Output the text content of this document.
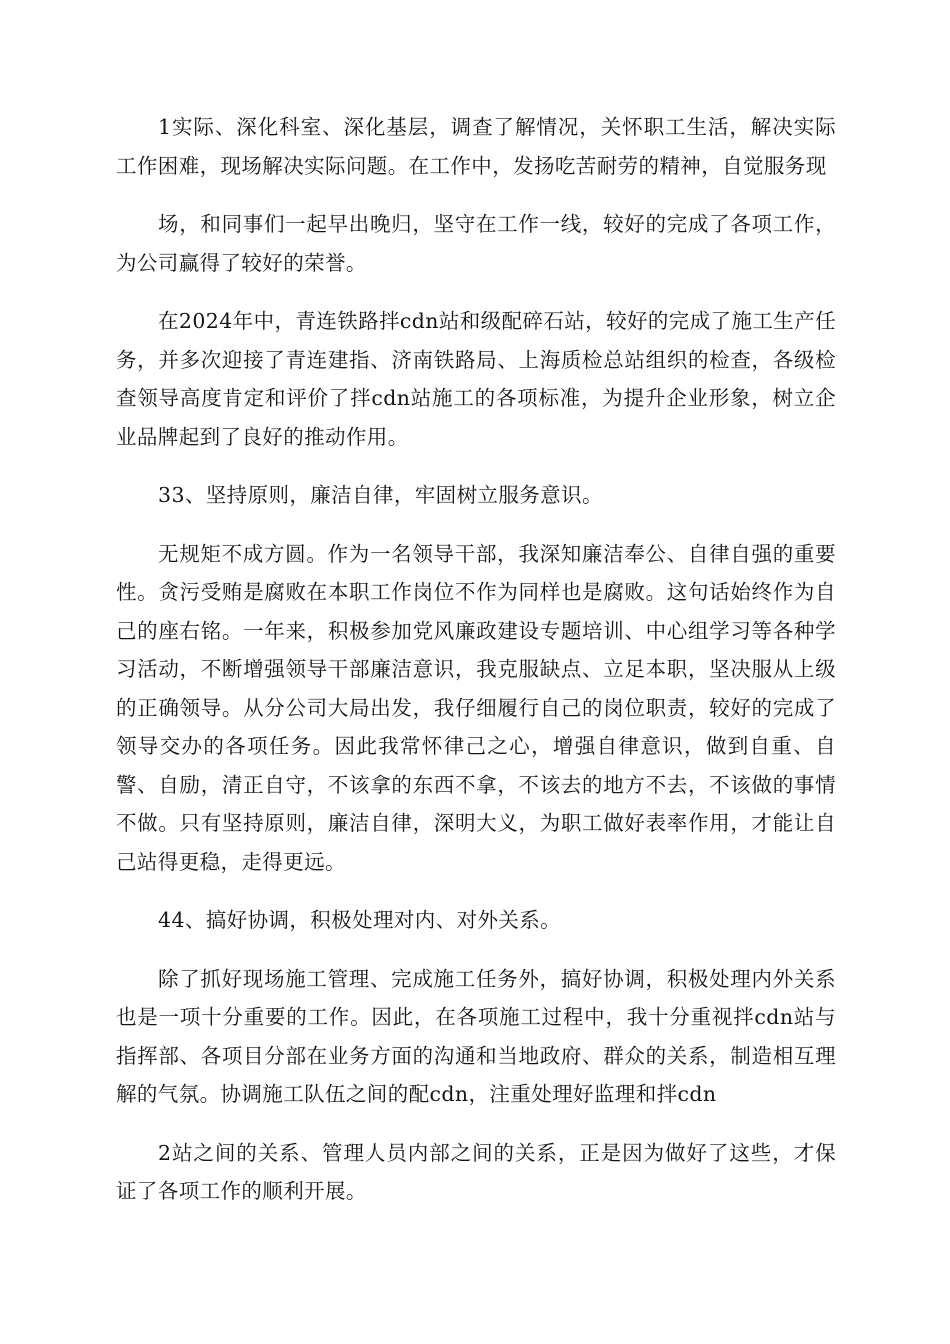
1实际、深化科室、深化基层，调查了解情况，关怀职工生活，解决实际工作困难，现场解决实际问题。在工作中，发扬吃苦耐劳的精神，自觉服务现

场，和同事们一起早出晚归，坚守在工作一线，较好的完成了各项工作，为公司赢得了较好的荣誉。

在2024年中，青连铁路拌cdn站和级配碎石站，较好的完成了施工生产任务，并多次迎接了青连建指、济南铁路局、上海质检总站组织的检查，各级检查领导高度肯定和评价了拌cdn站施工的各项标准，为提升企业形象，树立企业品牌起到了良好的推动作用。

33、坚持原则，廉洁自律，牢固树立服务意识。

无规矩不成方圆。作为一名领导干部，我深知廉洁奉公、自律自强的重要性。贪污受贿是腐败在本职工作岗位不作为同样也是腐败。这句话始终作为自己的座右铭。一年来，积极参加党风廉政建设专题培训、中心组学习等各种学习活动，不断增强领导干部廉洁意识，我克服缺点、立足本职，坚决服从上级的正确领导。从分公司大局出发，我仔细履行自己的岗位职责，较好的完成了领导交办的各项任务。因此我常怀律己之心，增强自律意识，做到自重、自警、自励，清正自守，不该拿的东西不拿，不该去的地方不去，不该做的事情不做。只有坚持原则，廉洁自律，深明大义，为职工做好表率作用，才能让自己站得更稳，走得更远。

44、搞好协调，积极处理对内、对外关系。

除了抓好现场施工管理、完成施工任务外，搞好协调，积极处理内外关系也是一项十分重要的工作。因此，在各项施工过程中，我十分重视拌cdn站与指挥部、各项目分部在业务方面的沟通和当地政府、群众的关系，制造相互理解的气氛。协调施工队伍之间的配cdn，注重处理好监理和拌cdn

2站之间的关系、管理人员内部之间的关系，正是因为做好了这些，才保证了各项工作的顺利开展。
